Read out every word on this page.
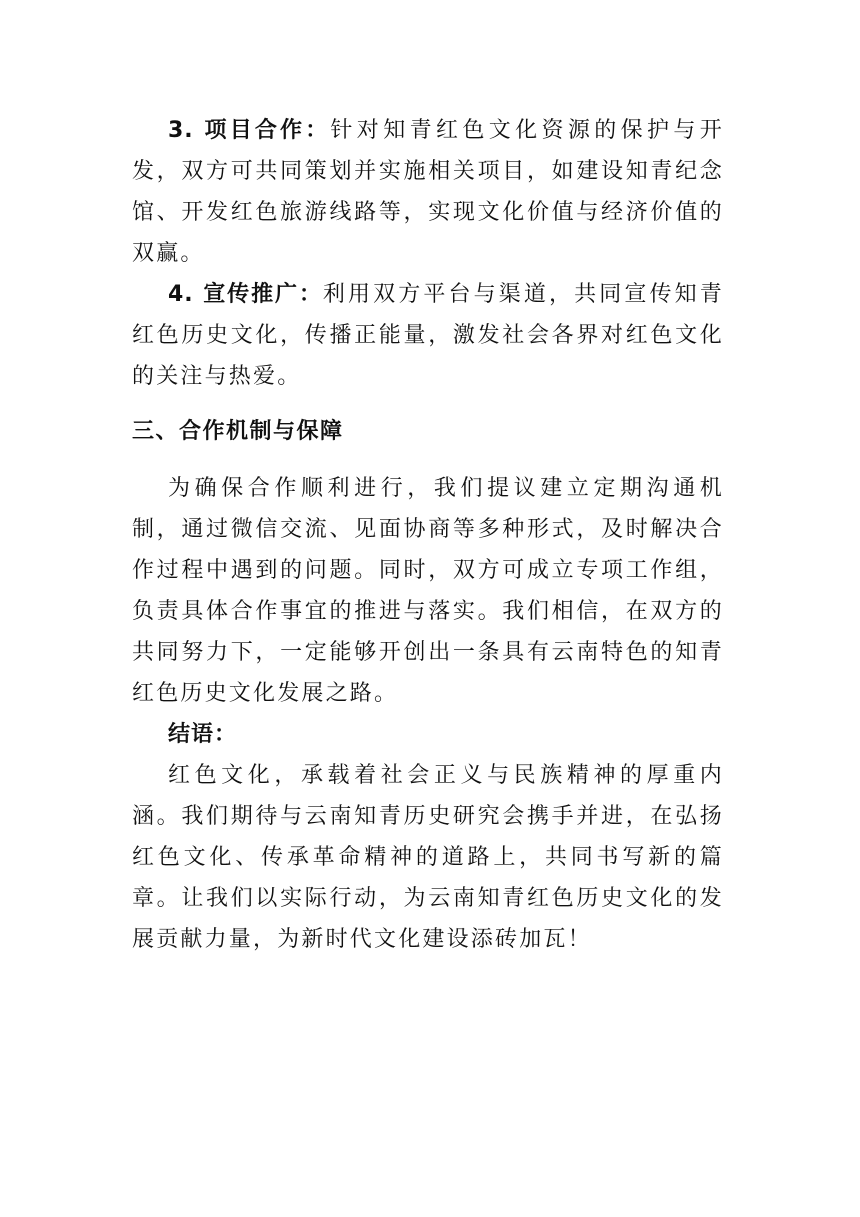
3. 项目合作：针对知青红色文化资源的保护与开发，双方可共同策划并实施相关项目，如建设知青纪念馆、开发红色旅游线路等，实现文化价值与经济价值的双赢。

4. 宣传推广：利用双方平台与渠道，共同宣传知青红色历史文化，传播正能量，激发社会各界对红色文化的关注与热爱。

三、合作机制与保障

为确保合作顺利进行，我们提议建立定期沟通机制，通过微信交流、见面协商等多种形式，及时解决合作过程中遇到的问题。同时，双方可成立专项工作组，负责具体合作事宜的推进与落实。我们相信，在双方的共同努力下，一定能够开创出一条具有云南特色的知青红色历史文化发展之路。

结语：

红色文化，承载着社会正义与民族精神的厚重内涵。我们期待与云南知青历史研究会携手并进，在弘扬红色文化、传承革命精神的道路上，共同书写新的篇章。让我们以实际行动，为云南知青红色历史文化的发展贡献力量，为新时代文化建设添砖加瓦！
